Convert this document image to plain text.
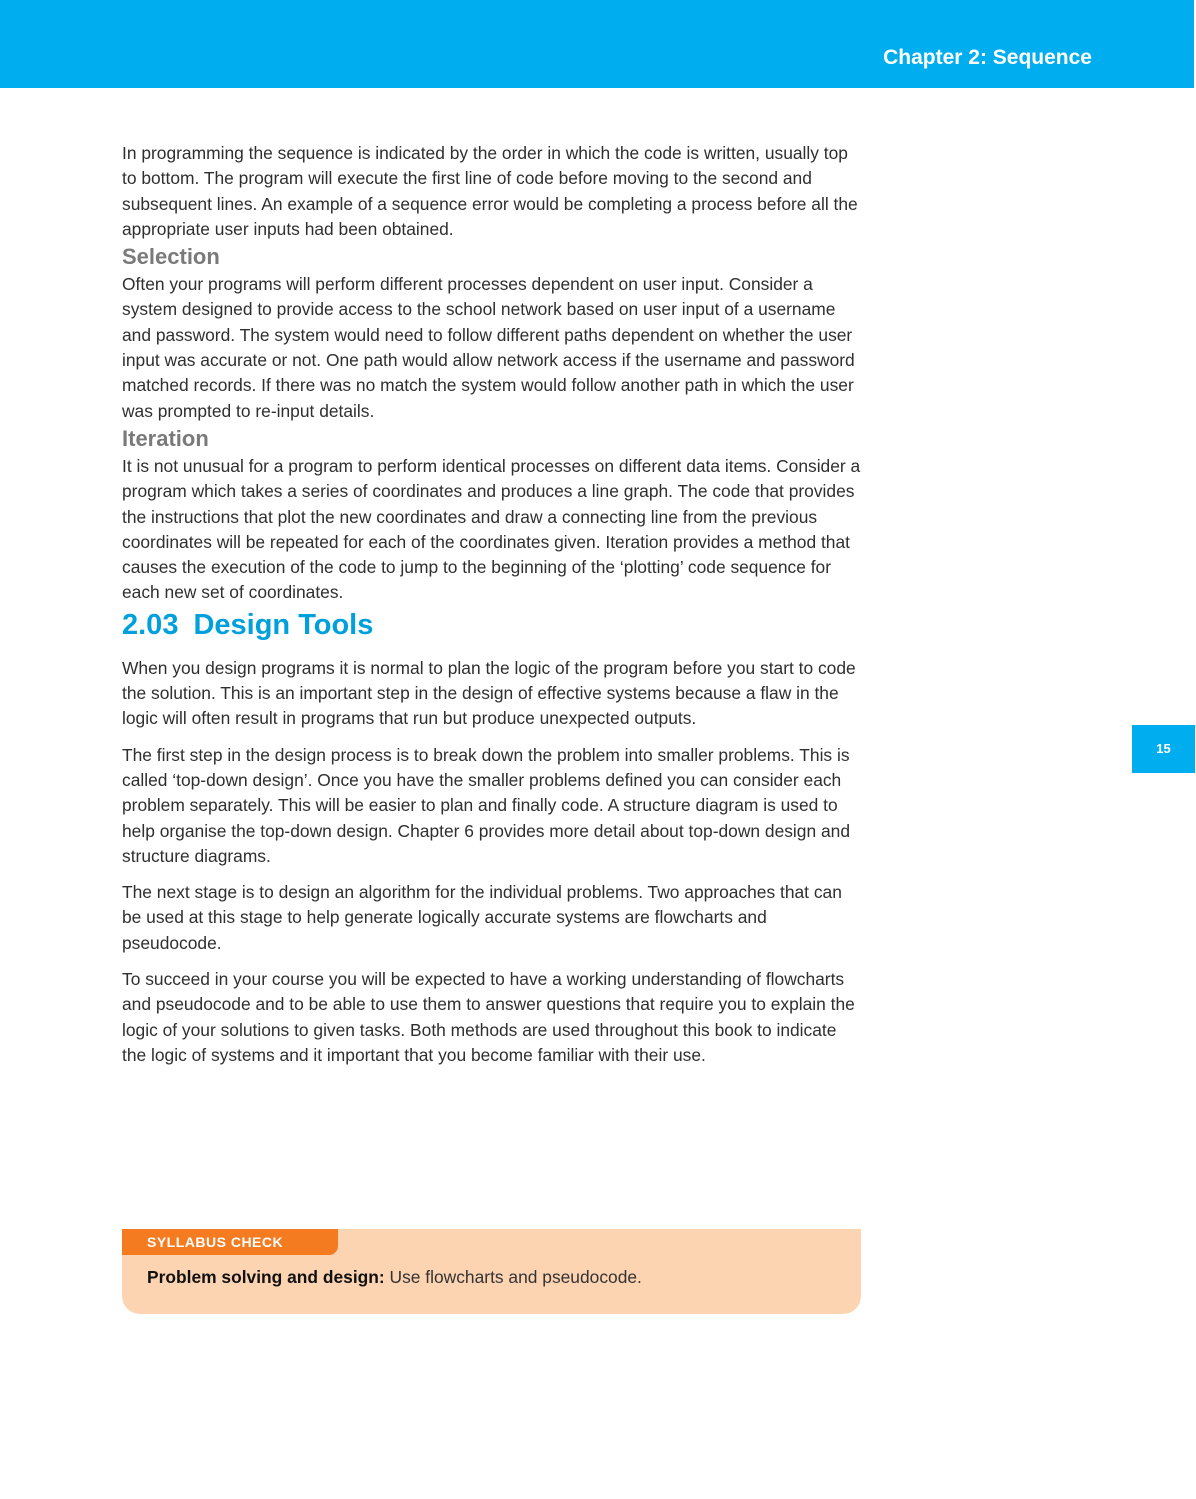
Chapter 2: Sequence
15

In programming the sequence is indicated by the order in which the code is written, usually top to bottom. The program will execute the first line of code before moving to the second and subsequent lines. An example of a sequence error would be completing a process before all the appropriate user inputs had been obtained.

Selection

Often your programs will perform different processes dependent on user input. Consider a system designed to provide access to the school network based on user input of a username and password. The system would need to follow different paths dependent on whether the user input was accurate or not. One path would allow network access if the username and password matched records. If there was no match the system would follow another path in which the user was prompted to re-input details.

Iteration

It is not unusual for a program to perform identical processes on different data items. Consider a program which takes a series of coordinates and produces a line graph. The code that provides the instructions that plot the new coordinates and draw a connecting line from the previous coordinates will be repeated for each of the coordinates given. Iteration provides a method that causes the execution of the code to jump to the beginning of the ‘plotting’ code sequence for each new set of coordinates.

2.03 Design Tools

When you design programs it is normal to plan the logic of the program before you start to code the solution. This is an important step in the design of effective systems because a flaw in the logic will often result in programs that run but produce unexpected outputs.

The first step in the design process is to break down the problem into smaller problems. This is called ‘top-down design’. Once you have the smaller problems defined you can consider each problem separately. This will be easier to plan and finally code. A structure diagram is used to help organise the top-down design. Chapter 6 provides more detail about top-down design and structure diagrams.

The next stage is to design an algorithm for the individual problems. Two approaches that can be used at this stage to help generate logically accurate systems are flowcharts and pseudocode.

To succeed in your course you will be expected to have a working understanding of flowcharts and pseudocode and to be able to use them to answer questions that require you to explain the logic of your solutions to given tasks. Both methods are used throughout this book to indicate the logic of systems and it important that you become familiar with their use.

SYLLABUS CHECK
Problem solving and design: Use flowcharts and pseudocode.
